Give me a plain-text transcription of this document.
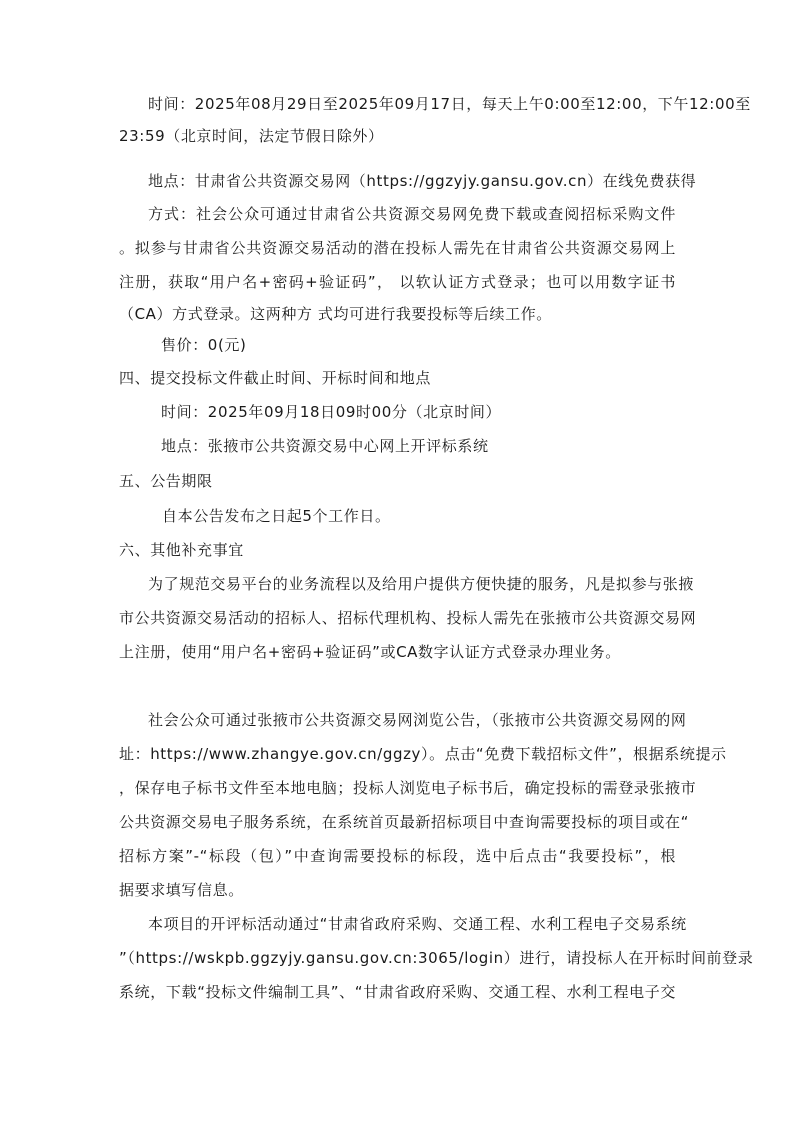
时间：2025年08月29日至2025年09月17日，每天上午0:00至12:00，下午12:00至
23:59（北京时间，法定节假日除外）
地点：甘肃省公共资源交易网（https://ggzyjy.gansu.gov.cn）在线免费获得
方式：社会公众可通过甘肃省公共资源交易网免费下载或查阅招标采购文件
。拟参与甘肃省公共资源交易活动的潜在投标人需先在甘肃省公共资源交易网上
注册，获取“用户名+密码+验证码”， 以软认证方式登录；也可以用数字证书
（CA）方式登录。这两种方 式均可进行我要投标等后续工作。
售价：0(元)
四、提交投标文件截止时间、开标时间和地点
时间：2025年09月18日09时00分（北京时间）
地点：张掖市公共资源交易中心网上开评标系统
五、公告期限
自本公告发布之日起5个工作日。
六、其他补充事宜
为了规范交易平台的业务流程以及给用户提供方便快捷的服务，凡是拟参与张掖
市公共资源交易活动的招标人、招标代理机构、投标人需先在张掖市公共资源交易网
上注册，使用“用户名+密码+验证码”或CA数字认证方式登录办理业务。
社会公众可通过张掖市公共资源交易网浏览公告，（张掖市公共资源交易网的网
址：https://www.zhangye.gov.cn/ggzy）。点击“免费下载招标文件”，根据系统提示
，保存电子标书文件至本地电脑；投标人浏览电子标书后，确定投标的需登录张掖市
公共资源交易电子服务系统，在系统首页最新招标项目中查询需要投标的项目或在“
招标方案”-“标段（包）”中查询需要投标的标段，选中后点击“我要投标”，根
据要求填写信息。
本项目的开评标活动通过“甘肃省政府采购、交通工程、水利工程电子交易系统
”（https://wskpb.ggzyjy.gansu.gov.cn:3065/login）进行，请投标人在开标时间前登录
系统，下载“投标文件编制工具”、“甘肃省政府采购、交通工程、水利工程电子交
